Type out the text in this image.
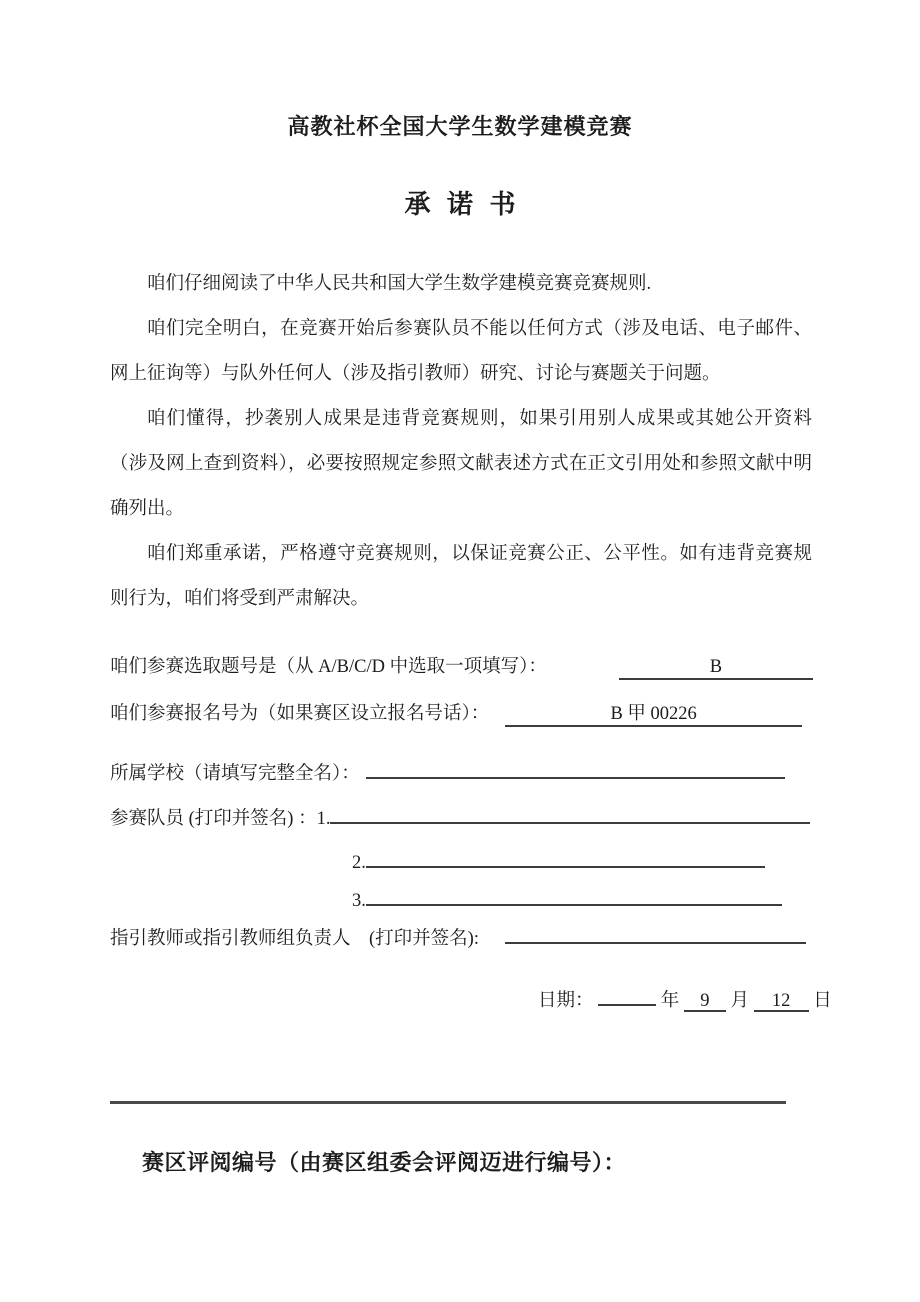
高教社杯全国大学生数学建模竞赛
承 诺 书

咱们仔细阅读了中华人民共和国大学生数学建模竞赛竞赛规则.

咱们完全明白，在竞赛开始后参赛队员不能以任何方式（涉及电话、电子邮件、网上征询等）与队外任何人（涉及指引教师）研究、讨论与赛题关于问题。

咱们懂得，抄袭别人成果是违背竞赛规则，如果引用别人成果或其她公开资料（涉及网上查到资料），必要按照规定参照文献表述方式在正文引用处和参照文献中明确列出。

咱们郑重承诺，严格遵守竞赛规则，以保证竞赛公正、公平性。如有违背竞赛规则行为，咱们将受到严肃解决。

咱们参赛选取题号是（从 A/B/C/D 中选取一项填写）：	B
咱们参赛报名号为（如果赛区设立报名号话）：	B 甲 00226
所属学校（请填写完整全名）：
参赛队员 (打印并签名) ： 1.
2.
3.
指引教师或指引教师组负责人　(打印并签名):
日期：	年 9 月 12 日
赛区评阅编号（由赛区组委会评阅迈进行编号）：
